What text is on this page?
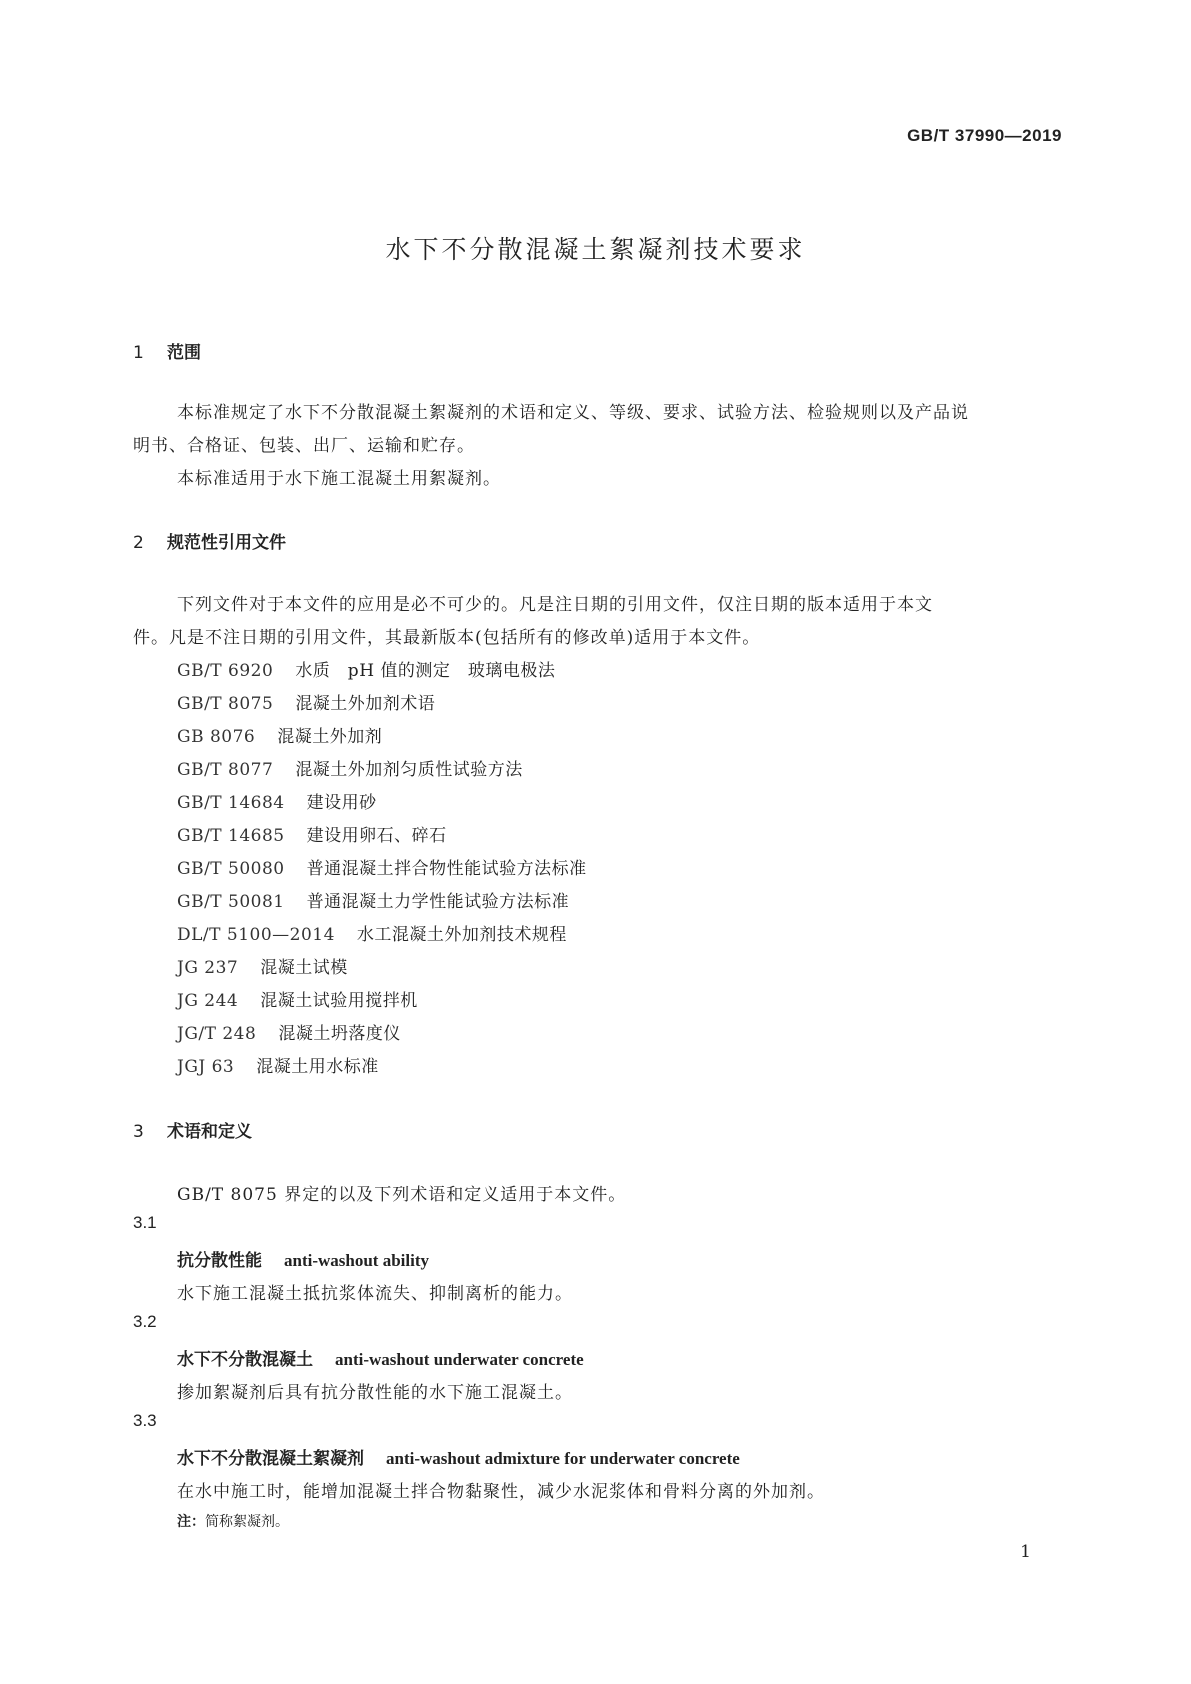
GB/T 37990—2019
水下不分散混凝土絮凝剂技术要求
1 范围
本标准规定了水下不分散混凝土絮凝剂的术语和定义、等级、要求、试验方法、检验规则以及产品说
明书、合格证、包装、出厂、运输和贮存。
本标准适用于水下施工混凝土用絮凝剂。
2 规范性引用文件
下列文件对于本文件的应用是必不可少的。凡是注日期的引用文件，仅注日期的版本适用于本文
件。凡是不注日期的引用文件，其最新版本(包括所有的修改单)适用于本文件。
GB/T 6920 水质　pH 值的测定　玻璃电极法
GB/T 8075 混凝土外加剂术语
GB 8076 混凝土外加剂
GB/T 8077 混凝土外加剂匀质性试验方法
GB/T 14684 建设用砂
GB/T 14685 建设用卵石、碎石
GB/T 50080 普通混凝土拌合物性能试验方法标准
GB/T 50081 普通混凝土力学性能试验方法标准
DL/T 5100—2014 水工混凝土外加剂技术规程
JG 237 混凝土试模
JG 244 混凝土试验用搅拌机
JG/T 248 混凝土坍落度仪
JGJ 63 混凝土用水标准
3 术语和定义
GB/T 8075 界定的以及下列术语和定义适用于本文件。
3.1
抗分散性能 anti-washout ability
水下施工混凝土抵抗浆体流失、抑制离析的能力。
3.2
水下不分散混凝土 anti-washout underwater concrete
掺加絮凝剂后具有抗分散性能的水下施工混凝土。
3.3
水下不分散混凝土絮凝剂 anti-washout admixture for underwater concrete
在水中施工时，能增加混凝土拌合物黏聚性，减少水泥浆体和骨料分离的外加剂。
注：简称絮凝剂。
1
